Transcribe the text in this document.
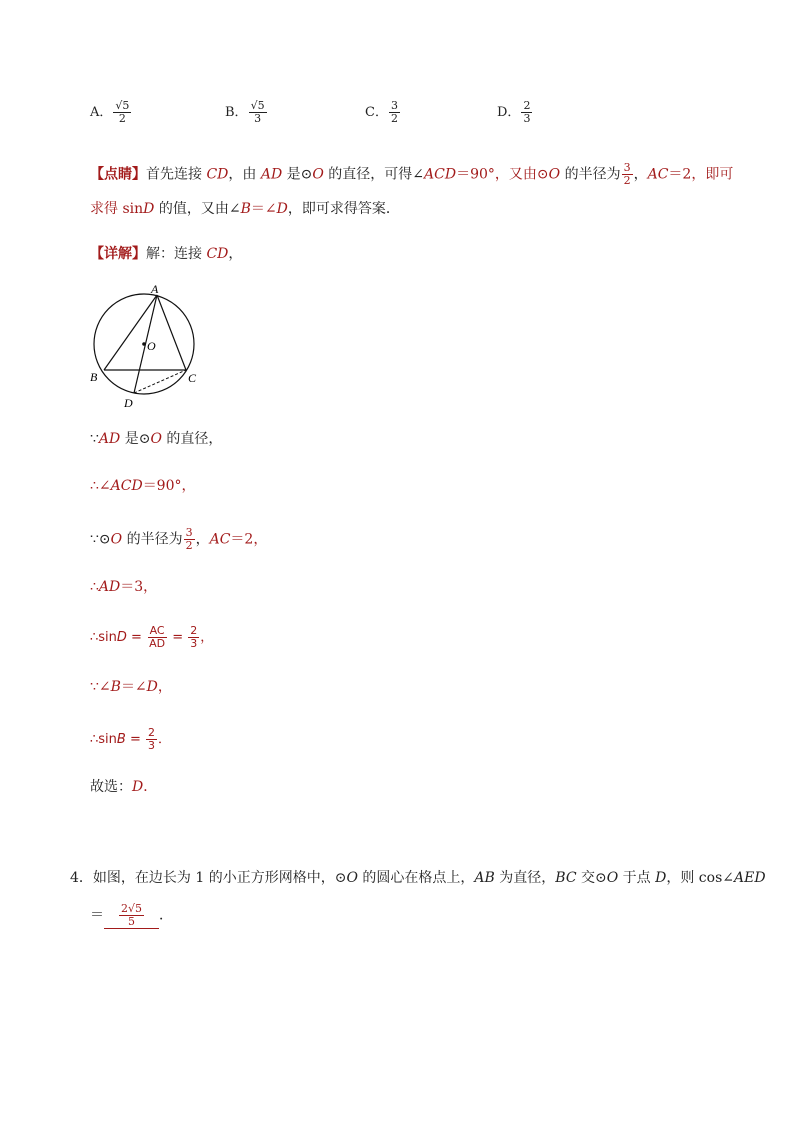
A． $\frac{√5}{2}$	B． $\frac{√5}{3}$	C． $\frac{3}{2}$	D． $\frac{2}{3}$
【点睛】首先连接 CD，由 AD 是⊙O 的直径，可得∠ACD＝90°，又由⊙O 的半径为 $\frac{3}{2}$ ，AC＝2，即可
求得 sinD 的值，又由∠B＝∠D，即可求得答案．
【详解】解：连接 CD，
A
B	C
D
O
∵AD 是⊙O 的直径，
∴∠ACD＝90°，
∵⊙O 的半径为 $\frac{3}{2}$ ，AC＝2，
∴AD＝3，
∴sinD = $\frac{AC}{AD} = \frac{2}{3}$ ，
∵∠B＝∠D，
∴sinB = $\frac{2}{3}$ ．
故选：D．
4．如图，在边长为 1 的小正方形网格中，⊙O 的圆心在格点上，AB 为直径，BC 交⊙O 于点 D，则 cos∠AED
＝ $\frac{2√5}{5}$ ．
